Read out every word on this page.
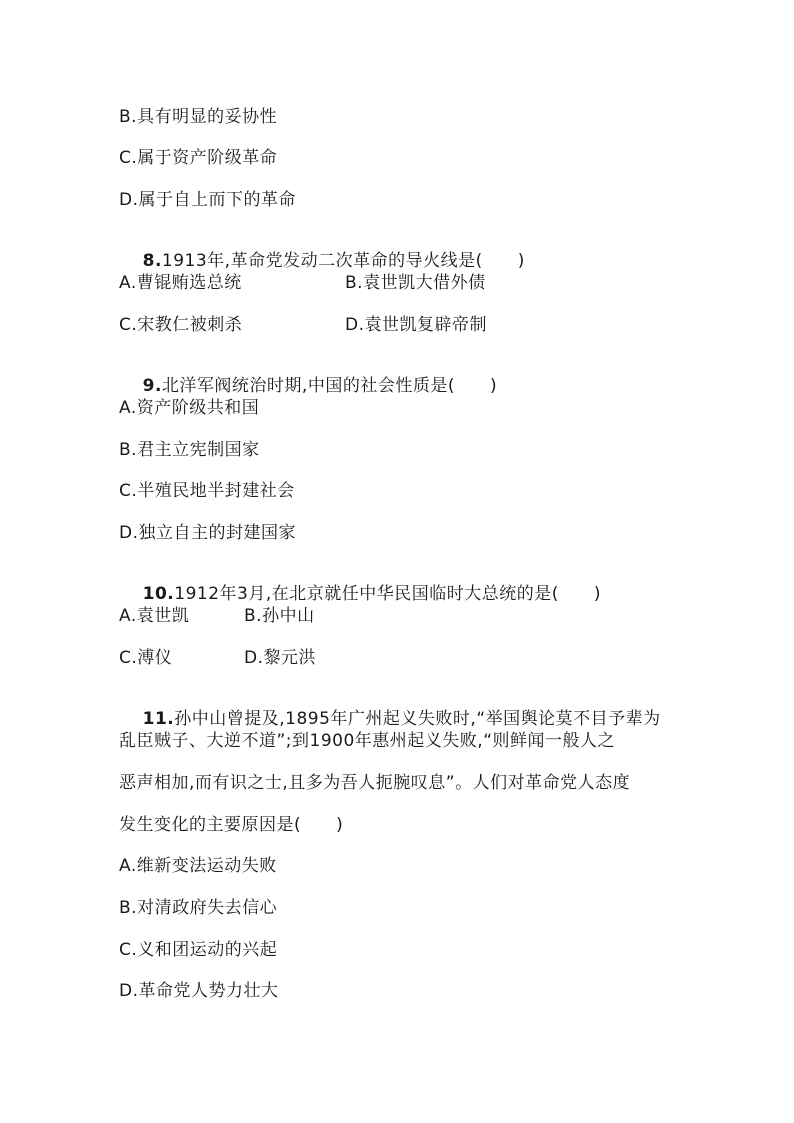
B.具有明显的妥协性
C.属于资产阶级革命
D.属于自上而下的革命

8.1913年,革命党发动二次革命的导火线是(　　)

A.曹锟贿选总统	B.袁世凯大借外债
C.宋教仁被刺杀	D.袁世凯复辟帝制

9.北洋军阀统治时期,中国的社会性质是(　　)

A.资产阶级共和国
B.君主立宪制国家
C.半殖民地半封建社会
D.独立自主的封建国家

10.1912年3月,在北京就任中华民国临时大总统的是(　　)

A.袁世凯	B.孙中山
C.溥仪	D.黎元洪

11.孙中山曾提及,1895年广州起义失败时,“举国舆论莫不目予辈为

乱臣贼子、大逆不道”;到1900年惠州起义失败,“则鲜闻一般人之
恶声相加,而有识之士,且多为吾人扼腕叹息”。人们对革命党人态度
发生变化的主要原因是(　　)
A.维新变法运动失败
B.对清政府失去信心
C.义和团运动的兴起
D.革命党人势力壮大
